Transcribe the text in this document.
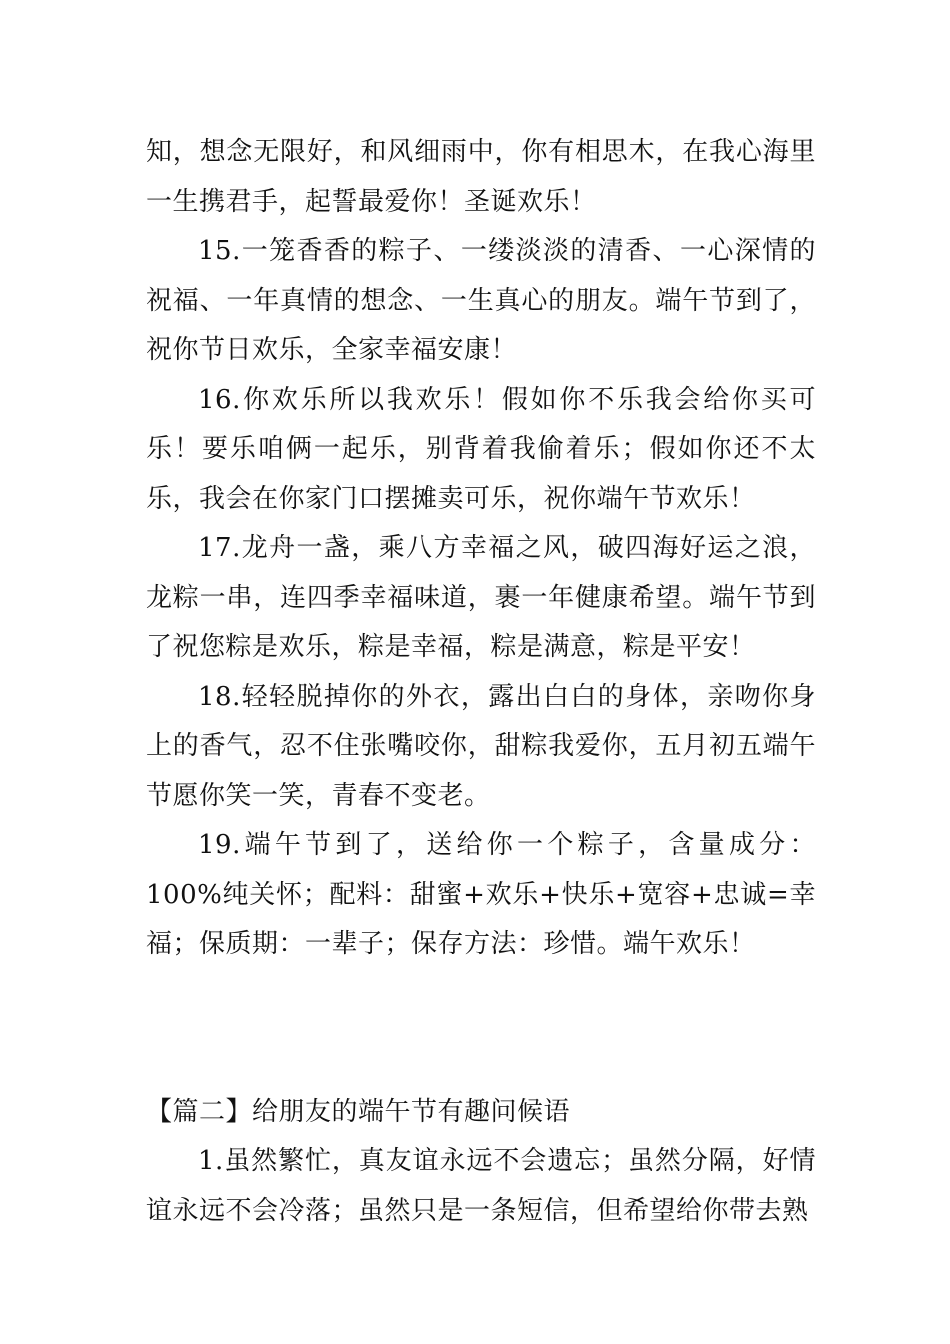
知，想念无限好，和风细雨中，你有相思木，在我心海里一生携君手，起誓最爱你！圣诞欢乐！

15.一笼香香的粽子、一缕淡淡的清香、一心深情的祝福、一年真情的想念、一生真心的朋友。端午节到了，祝你节日欢乐，全家幸福安康！

16.你欢乐所以我欢乐！假如你不乐我会给你买可乐！要乐咱俩一起乐，别背着我偷着乐；假如你还不太乐，我会在你家门口摆摊卖可乐，祝你端午节欢乐！

17.龙舟一盏，乘八方幸福之风，破四海好运之浪，龙粽一串，连四季幸福味道，裹一年健康希望。端午节到了祝您粽是欢乐，粽是幸福，粽是满意，粽是平安！

18.轻轻脱掉你的外衣，露出白白的身体，亲吻你身上的香气，忍不住张嘴咬你，甜粽我爱你，五月初五端午节愿你笑一笑，青春不变老。

19.端午节到了，送给你一个粽子，含量成分：100%纯关怀；配料：甜蜜+欢乐+快乐+宽容+忠诚=幸福；保质期：一辈子；保存方法：珍惜。端午欢乐！

【篇二】给朋友的端午节有趣问候语

1.虽然繁忙，真友谊永远不会遗忘；虽然分隔，好情谊永远不会冷落；虽然只是一条短信，但希望给你带去熟
